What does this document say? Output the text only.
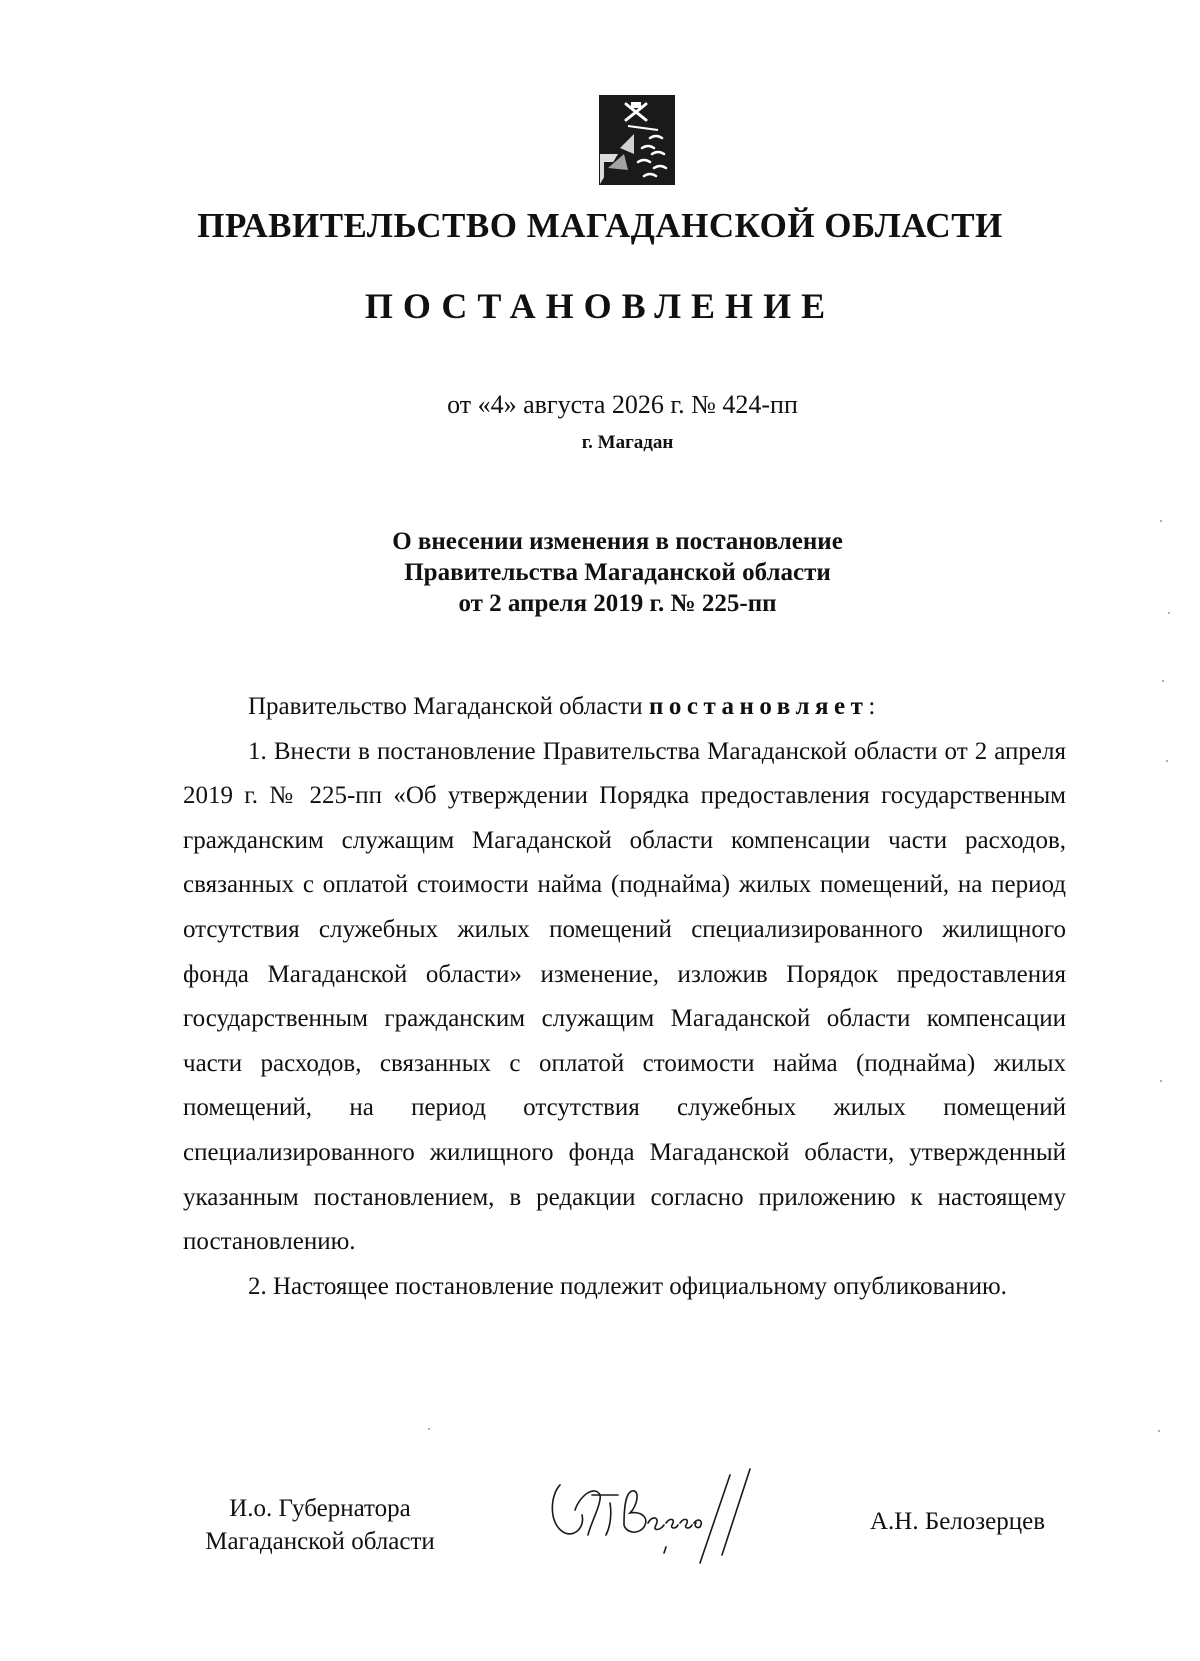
ПРАВИТЕЛЬСТВО МАГАДАНСКОЙ ОБЛАСТИ
ПОСТАНОВЛЕНИЕ
от «4» августа 2026 г. № 424-пп
г. Магадан
О внесении изменения в постановление
Правительства Магаданской области
от 2 апреля 2019 г. № 225-пп

Правительство Магаданской области постановляет:

1. Внести в постановление Правительства Магаданской области от 2 апреля 2019 г. № 225-пп «Об утверждении Порядка предоставления государственным гражданским служащим Магаданской области компенсации части расходов, связанных с оплатой стоимости найма (поднайма) жилых помещений, на период отсутствия служебных жилых помещений специализированного жилищного фонда Магаданской области» изменение, изложив Порядок предоставления государственным гражданским служащим Магаданской области компенсации части расходов, связанных с оплатой стоимости найма (поднайма) жилых помещений, на период отсутствия служебных жилых помещений специализированного жилищного фонда Магаданской области, утвержденный указанным постановлением, в редакции согласно приложению к настоящему постановлению.

2. Настоящее постановление подлежит официальному опубликованию.

И.о. Губернатора
Магаданской области
А.Н. Белозерцев
